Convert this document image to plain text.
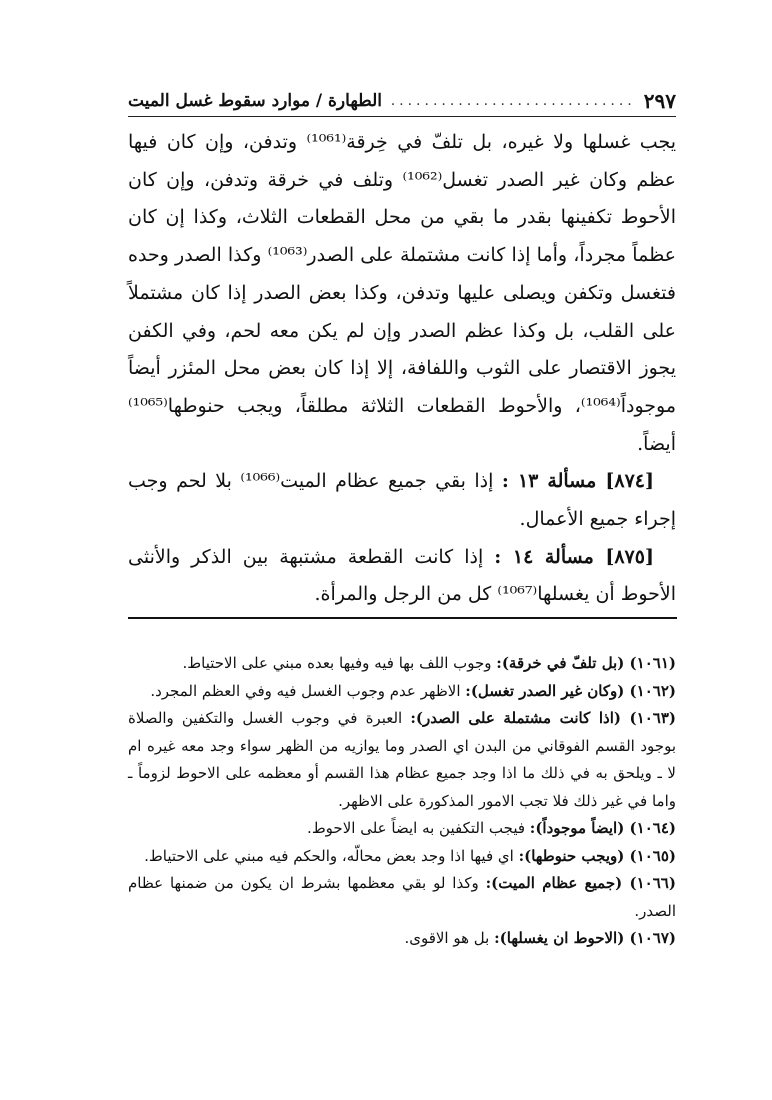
الطهارة / موارد سقوط غسل الميت
.....	٢٩٧

يجب غسلها ولا غيره، بل تلفّ في خِرقة⁽¹⁰⁶¹⁾ وتدفن، وإن كان فيها عظم وكان غير الصدر تغسل⁽¹⁰⁶²⁾ وتلف في خرقة وتدفن، وإن كان الأحوط تكفينها بقدر ما بقي من محل القطعات الثلاث، وكذا إن كان عظماً مجرداً، وأما إذا كانت مشتملة على الصدر⁽¹⁰⁶³⁾ وكذا الصدر وحده فتغسل وتكفن ويصلى عليها وتدفن، وكذا بعض الصدر إذا كان مشتملاً على القلب، بل وكذا عظم الصدر وإن لم يكن معه لحم، وفي الكفن يجوز الاقتصار على الثوب واللفافة، إلا إذا كان بعض محل المئزر أيضاً موجوداً⁽¹⁰⁶⁴⁾، والأحوط القطعات الثلاثة مطلقاً، ويجب حنوطها⁽¹⁰⁶⁵⁾ أيضاً.

[٨٧٤] مسألة ١٣ : إذا بقي جميع عظام الميت⁽¹⁰⁶⁶⁾ بلا لحم وجب إجراء جميع الأعمال.

[٨٧٥] مسألة ١٤ : إذا كانت القطعة مشتبهة بين الذكر والأنثى الأحوط أن يغسلها⁽¹⁰⁶⁷⁾ كل من الرجل والمرأة.

(١٠٦١) (بل تلفّ في خرقة): وجوب اللف بها فيه وفيها بعده مبني على الاحتياط.

(١٠٦٢) (وكان غير الصدر تغسل): الاظهر عدم وجوب الغسل فيه وفي العظم المجرد.

(١٠٦٣) (اذا كانت مشتملة على الصدر): العبرة في وجوب الغسل والتكفين والصلاة بوجود القسم الفوقاني من البدن اي الصدر وما يوازيه من الظهر سواء وجد معه غيره ام لا ـ ويلحق به في ذلك ما اذا وجد جميع عظام هذا القسم أو معظمه على الاحوط لزوماً ـ واما في غير ذلك فلا تجب الامور المذكورة على الاظهر.

(١٠٦٤) (ايضاً موجوداً): فيجب التكفين به ايضاً على الاحوط.

(١٠٦٥) (ويجب حنوطها): اي فيها اذا وجد بعض محالّه، والحكم فيه مبني على الاحتياط.

(١٠٦٦) (جميع عظام الميت): وكذا لو بقي معظمها بشرط ان يكون من ضمنها عظام الصدر.

(١٠٦٧) (الاحوط ان يغسلها): بل هو الاقوى.
